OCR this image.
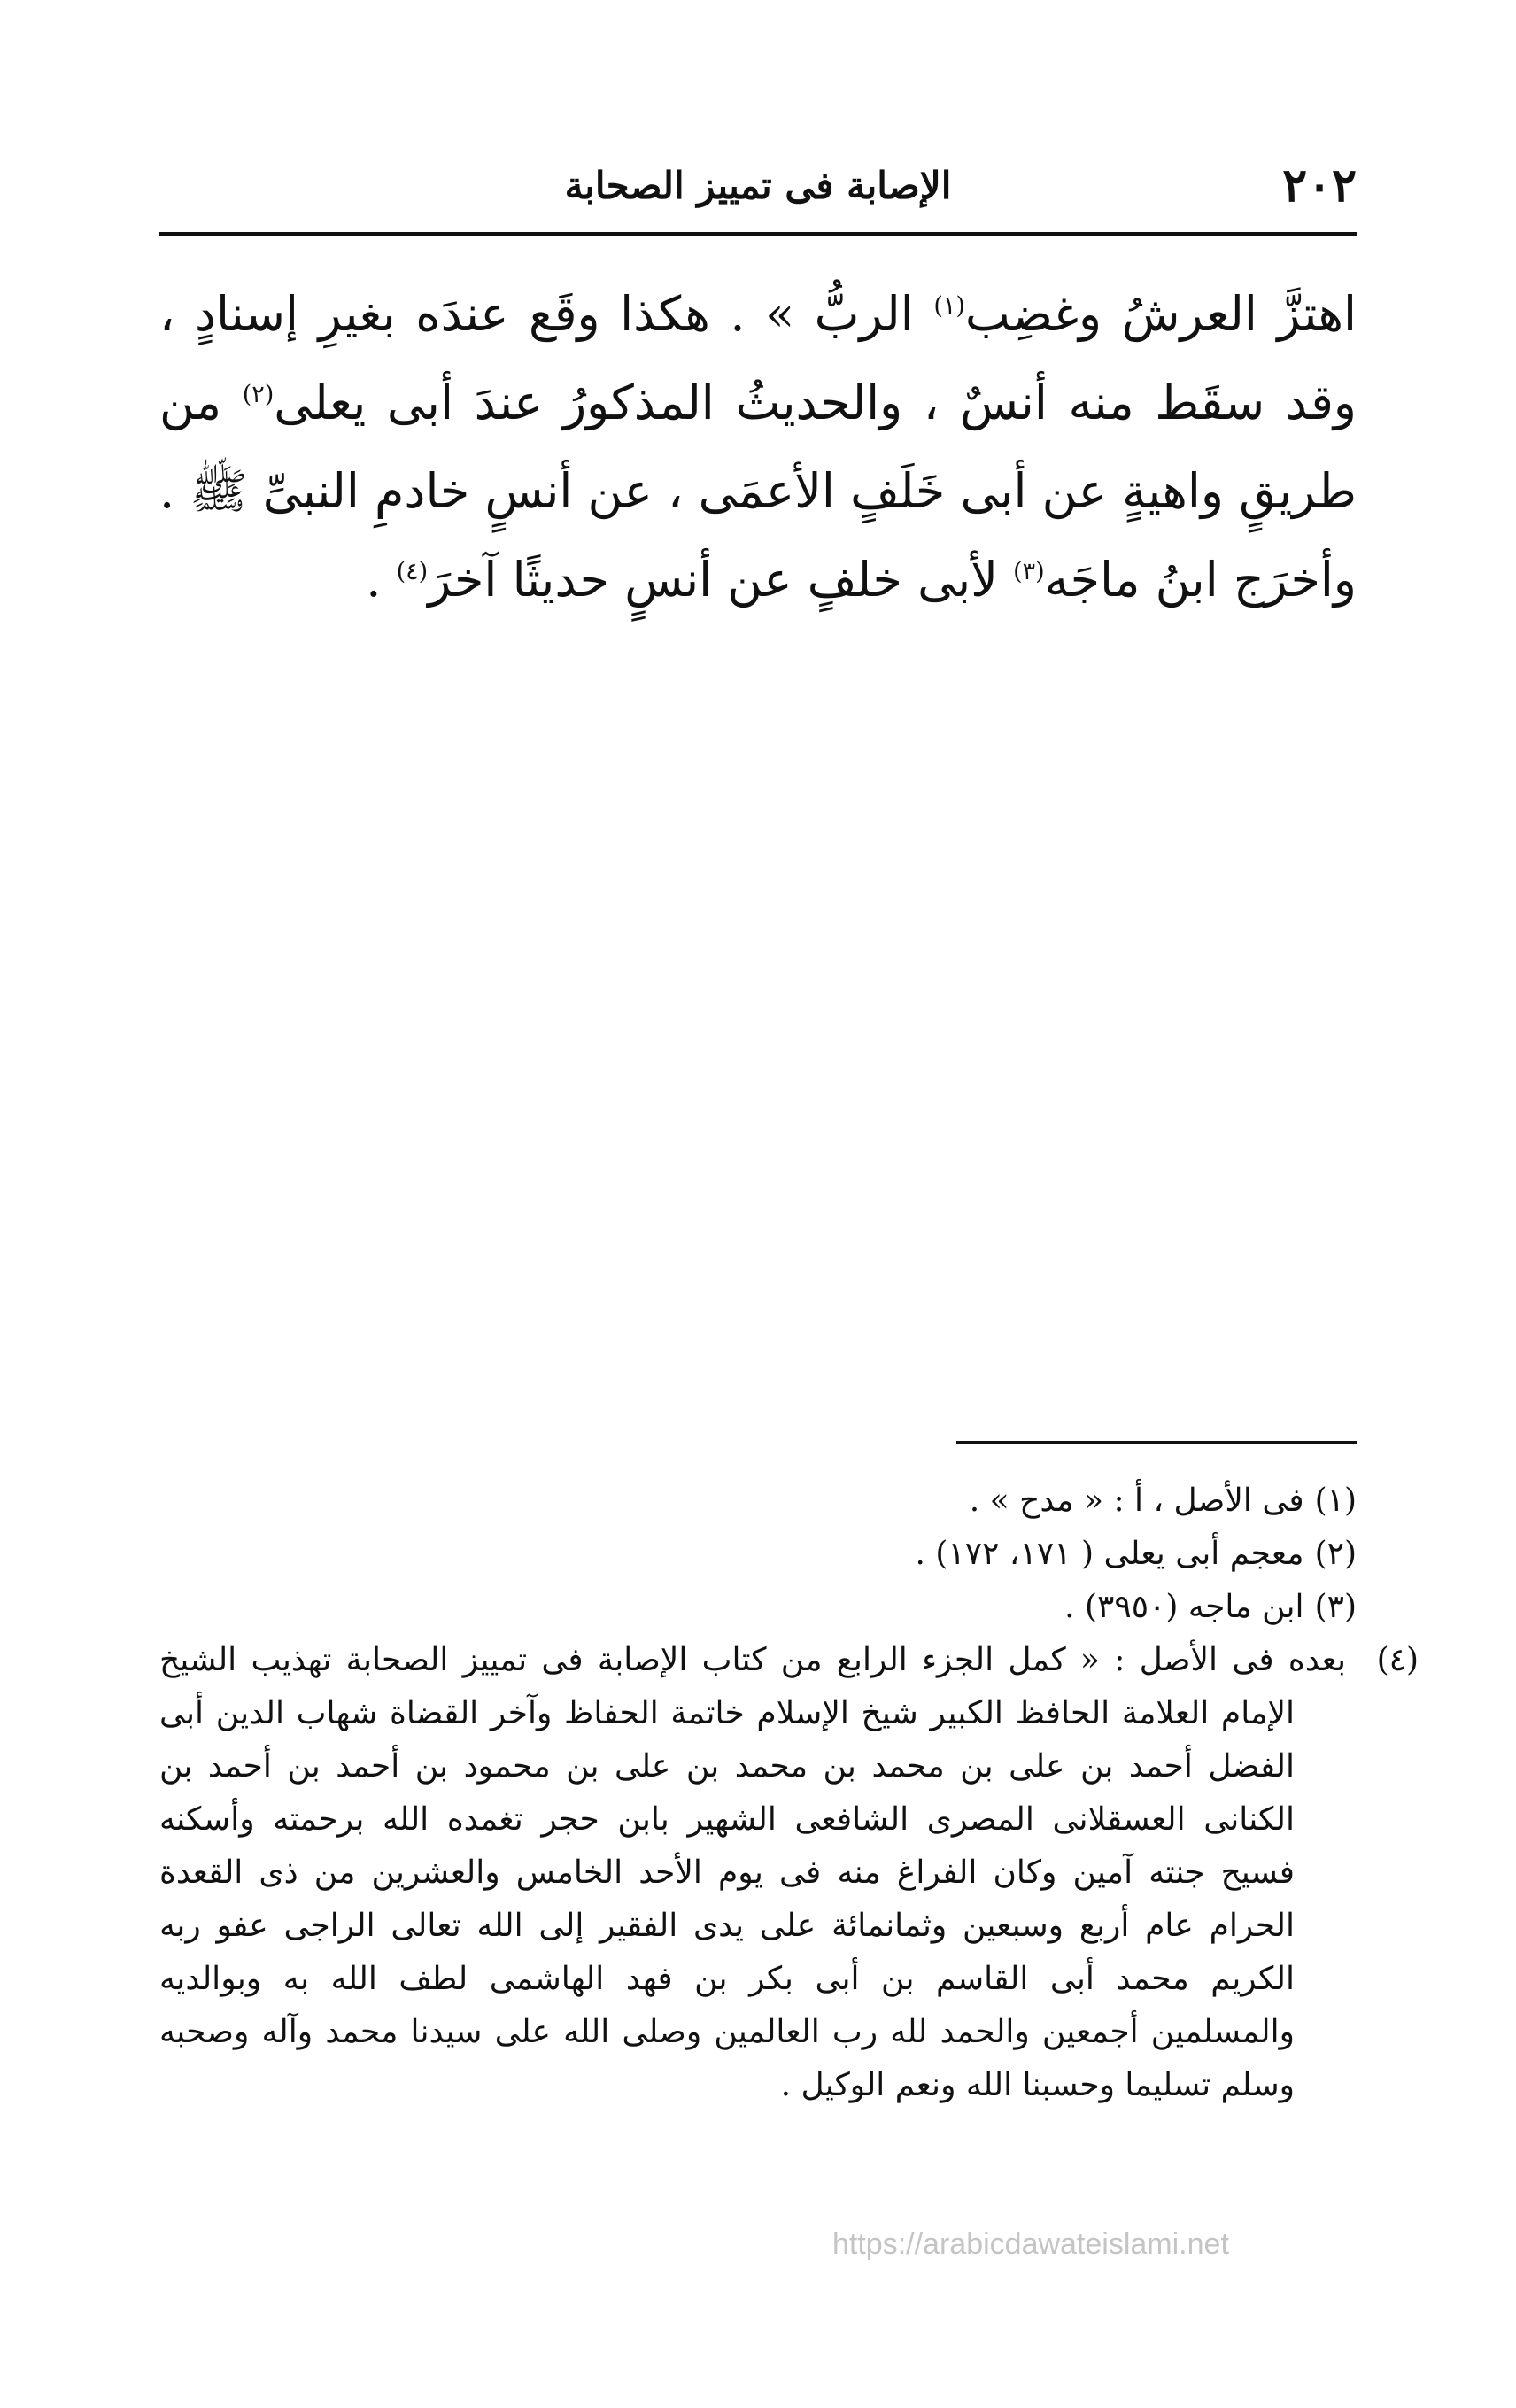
٢٠٢
الإصابة فى تمييز الصحابة
اهتزَّ العرشُ وغضِب$^{(١)}$ الربُّ » . هكذا وقَع عندَه بغيرِ إسنادٍ ، وقد سقَط منه أنسٌ ، والحديثُ المذكورُ عندَ أبى يعلى$^{(٢)}$ من طريقٍ واهيةٍ عن أبى خَلَفٍ الأعمَى ، عن أنسٍ خادمِ النبىِّ ﷺ . وأخرَج ابنُ ماجَه$^{(٣)}$ لأبى خلفٍ عن أنسٍ حديثًا آخرَ$^{(٤)}$ .

(١)فى الأصل ، أ : « مدح » .

(٢)معجم أبى يعلى ( ١٧١، ١٧٢) .

(٣)ابن ماجه (٣٩٥٠) .

(٤)بعده فى الأصل : « كمل الجزء الرابع من كتاب الإصابة فى تمييز الصحابة تهذيب الشيخ الإمام العلامة الحافظ الكبير شيخ الإسلام خاتمة الحفاظ وآخر القضاة شهاب الدين أبى الفضل أحمد بن على بن محمد بن محمد بن على بن محمود بن أحمد بن أحمد بن الكنانى العسقلانى المصرى الشافعى الشهير بابن حجر تغمده الله برحمته وأسكنه فسيح جنته آمين وكان الفراغ منه فى يوم الأحد الخامس والعشرين من ذى القعدة الحرام عام أربع وسبعين وثمانمائة على يدى الفقير إلى الله تعالى الراجى عفو ربه الكريم محمد أبى القاسم بن أبى بكر بن فهد الهاشمى لطف الله به وبوالديه والمسلمين أجمعين والحمد لله رب العالمين وصلى الله على سيدنا محمد وآله وصحبه وسلم تسليما وحسبنا الله ونعم الوكيل .

https://arabicdawateislami.net
